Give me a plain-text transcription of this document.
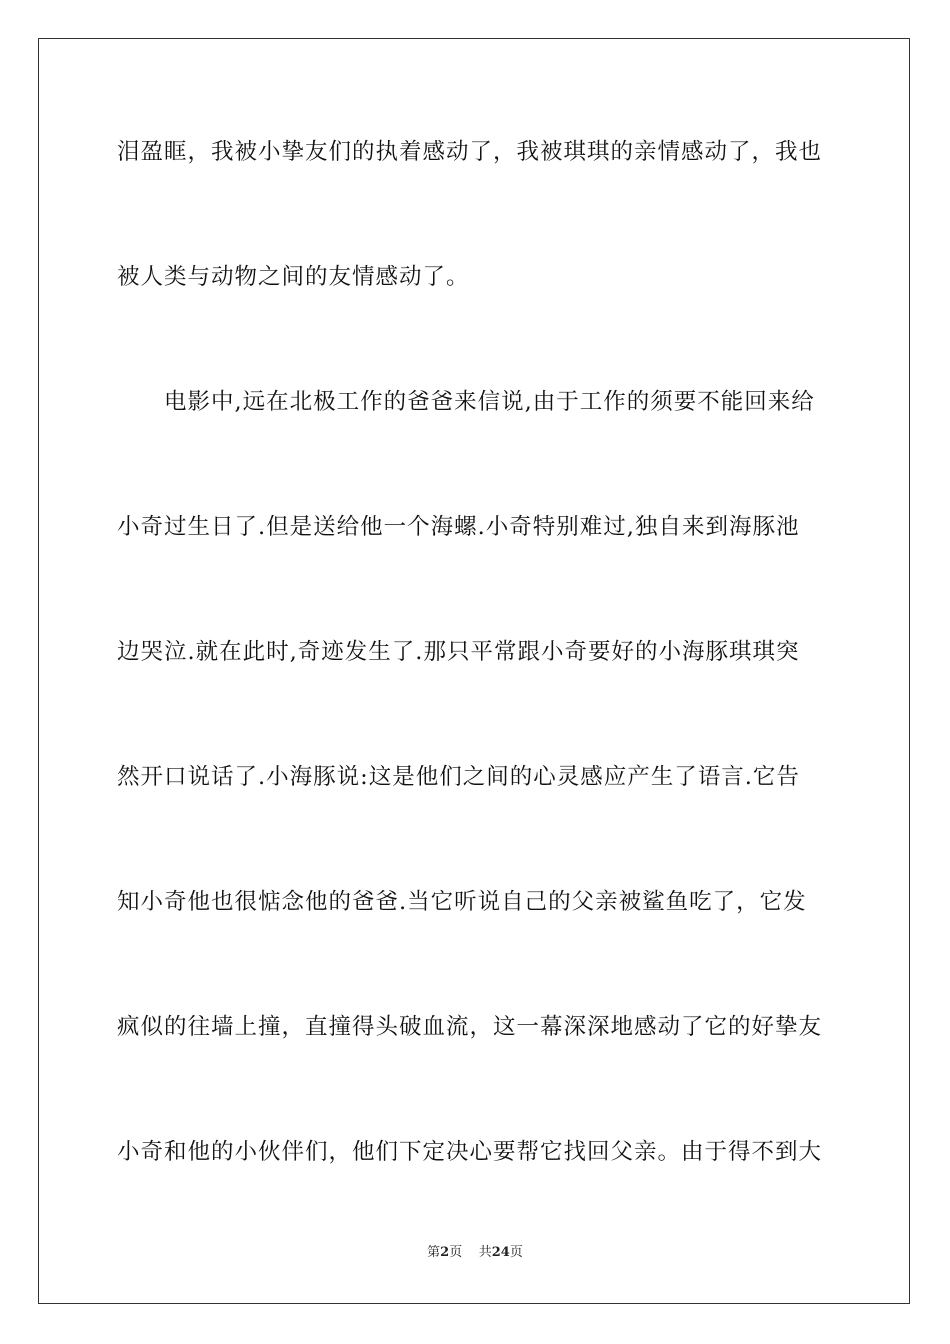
泪盈眶，我被小挚友们的执着感动了，我被琪琪的亲情感动了，我也
被人类与动物之间的友情感动了。
　　电影中,远在北极工作的爸爸来信说,由于工作的须要不能回来给
小奇过生日了.但是送给他一个海螺.小奇特别难过,独自来到海豚池
边哭泣.就在此时,奇迹发生了.那只平常跟小奇要好的小海豚琪琪突
然开口说话了.小海豚说:这是他们之间的心灵感应产生了语言.它告
知小奇他也很惦念他的爸爸.当它听说自己的父亲被鲨鱼吃了，它发
疯似的往墙上撞，直撞得头破血流，这一幕深深地感动了它的好挚友
小奇和他的小伙伴们，他们下定决心要帮它找回父亲。由于得不到大
第2页 共24页
